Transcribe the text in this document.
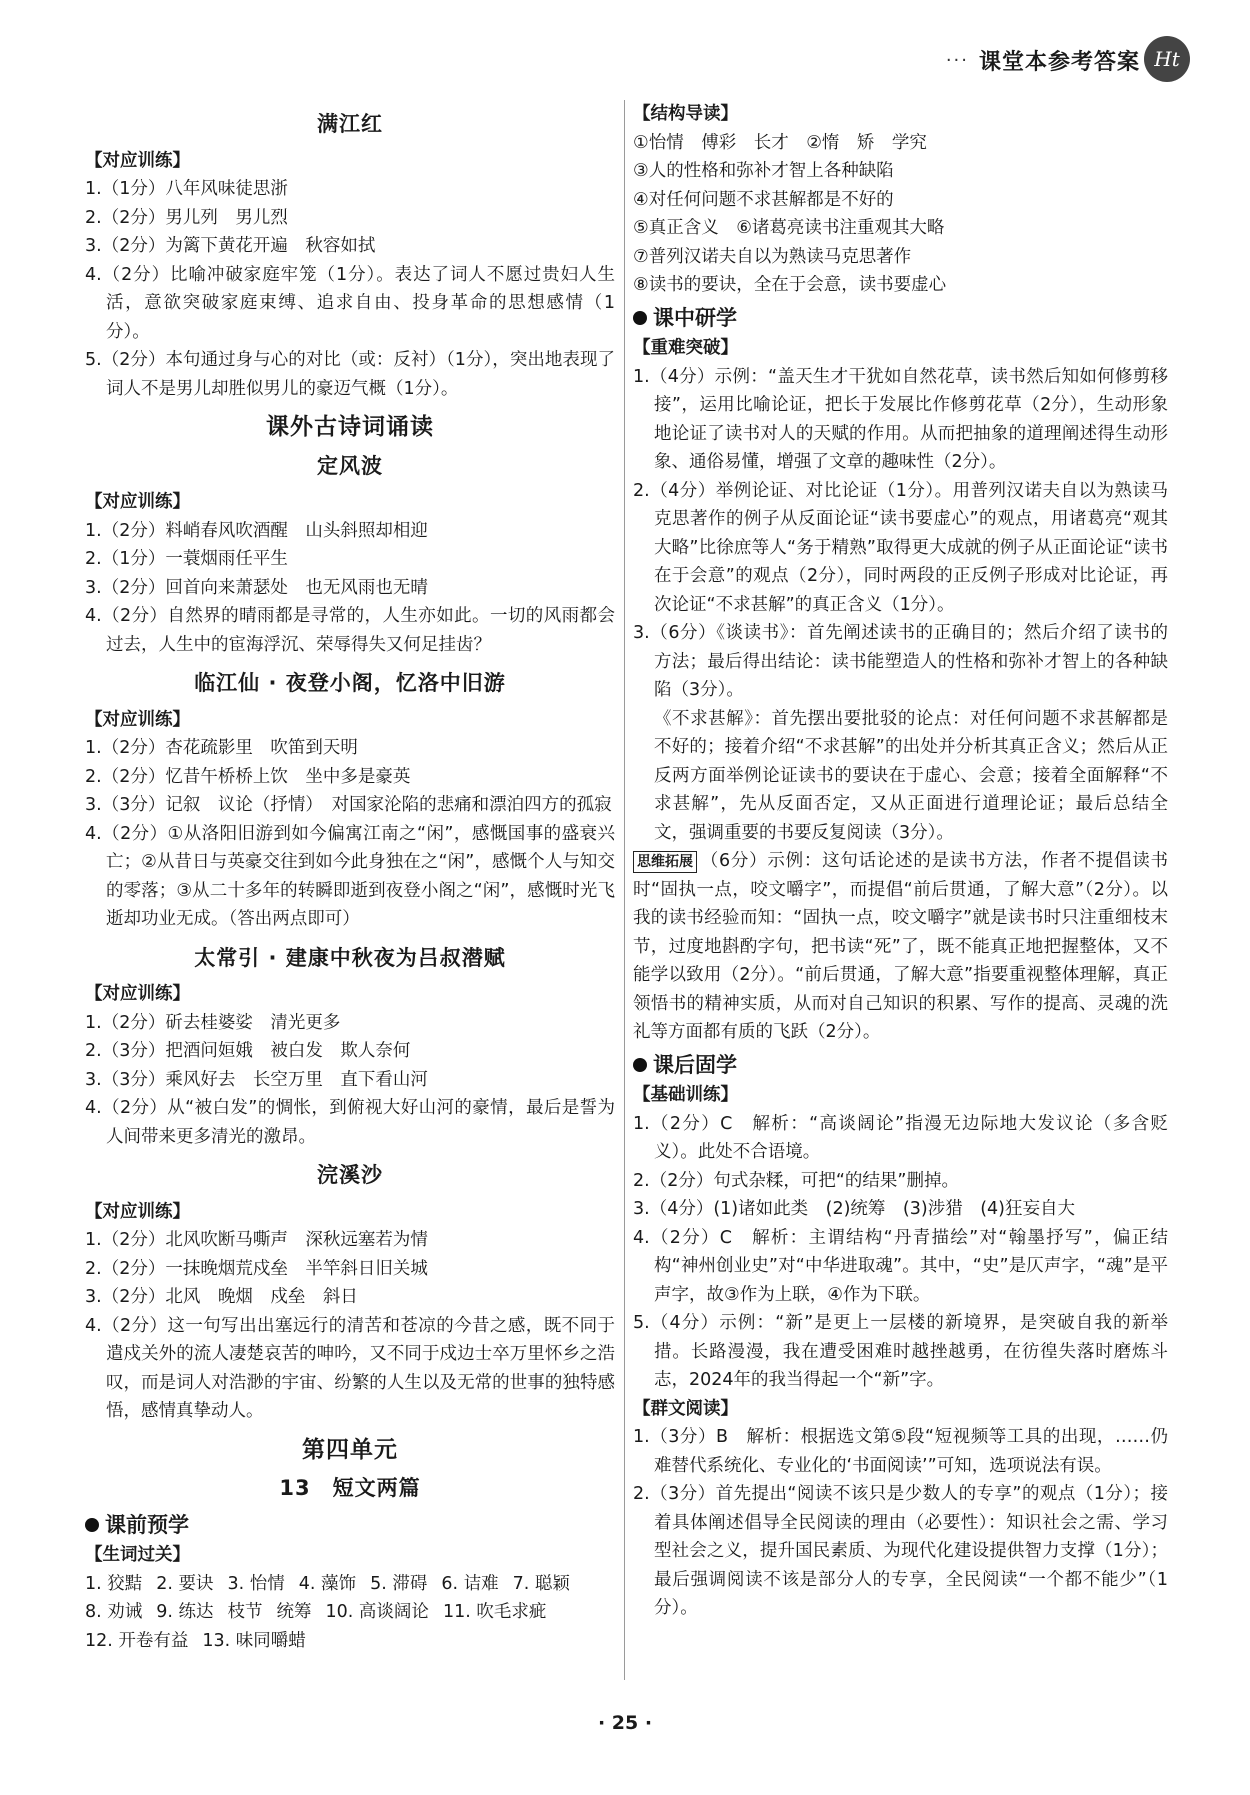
··· 课堂本参考答案 Ht
满江红
【对应训练】
1.（1分）八年风味徒思浙
2.（2分）男儿列　男儿烈
3.（2分）为篱下黄花开遍　秋容如拭
4.（2分）比喻冲破家庭牢笼（1分）。表达了词人不愿过贵妇人生活，意欲突破家庭束缚、追求自由、投身革命的思想感情（1分）。
5.（2分）本句通过身与心的对比（或：反衬）（1分），突出地表现了词人不是男儿却胜似男儿的豪迈气概（1分）。
课外古诗词诵读
定风波
【对应训练】
1.（2分）料峭春风吹酒醒　山头斜照却相迎
2.（1分）一蓑烟雨任平生
3.（2分）回首向来萧瑟处　也无风雨也无晴
4.（2分）自然界的晴雨都是寻常的，人生亦如此。一切的风雨都会过去，人生中的宦海浮沉、荣辱得失又何足挂齿？
临江仙 · 夜登小阁，忆洛中旧游
【对应训练】
1.（2分）杏花疏影里　吹笛到天明
2.（2分）忆昔午桥桥上饮　坐中多是豪英
3.（3分）记叙　议论（抒情）　对国家沦陷的悲痛和漂泊四方的孤寂
4.（2分）①从洛阳旧游到如今偏寓江南之“闲”，感慨国事的盛衰兴亡；②从昔日与英豪交往到如今此身独在之“闲”，感慨个人与知交的零落；③从二十多年的转瞬即逝到夜登小阁之“闲”，感慨时光飞逝却功业无成。（答出两点即可）
太常引 · 建康中秋夜为吕叔潜赋
【对应训练】
1.（2分）斫去桂婆娑　清光更多
2.（3分）把酒问姮娥　被白发　欺人奈何
3.（3分）乘风好去　长空万里　直下看山河
4.（2分）从“被白发”的惆怅，到俯视大好山河的豪情，最后是誓为人间带来更多清光的激昂。
浣溪沙
【对应训练】
1.（2分）北风吹断马嘶声　深秋远塞若为情
2.（2分）一抹晚烟荒戍垒　半竿斜日旧关城
3.（2分）北风　晚烟　戍垒　斜日
4.（2分）这一句写出出塞远行的清苦和苍凉的今昔之感，既不同于遣戍关外的流人凄楚哀苦的呻吟，又不同于戍边士卒万里怀乡之浩叹，而是词人对浩渺的宇宙、纷繁的人生以及无常的世事的独特感悟，感情真挚动人。
第四单元
13　短文两篇
课前预学
【生词过关】
1. 狡黠 2. 要诀 3. 怡情 4. 藻饰 5. 滞碍 6. 诘难 7. 聪颖
8. 劝诫 9. 练达 枝节 统筹 10. 高谈阔论 11. 吹毛求疵
12. 开卷有益 13. 味同嚼蜡
【结构导读】
①怡情　傅彩　长才　②惰　矫　学究
③人的性格和弥补才智上各种缺陷
④对任何问题不求甚解都是不好的
⑤真正含义　⑥诸葛亮读书注重观其大略
⑦普列汉诺夫自以为熟读马克思著作
⑧读书的要诀，全在于会意，读书要虚心
课中研学
【重难突破】
1.（4分）示例：“盖天生才干犹如自然花草，读书然后知如何修剪移接”，运用比喻论证，把长于发展比作修剪花草（2分），生动形象地论证了读书对人的天赋的作用。从而把抽象的道理阐述得生动形象、通俗易懂，增强了文章的趣味性（2分）。
2.（4分）举例论证、对比论证（1分）。用普列汉诺夫自以为熟读马克思著作的例子从反面论证“读书要虚心”的观点，用诸葛亮“观其大略”比徐庶等人“务于精熟”取得更大成就的例子从正面论证“读书在于会意”的观点（2分），同时两段的正反例子形成对比论证，再次论证“不求甚解”的真正含义（1分）。
3.（6分）《谈读书》：首先阐述读书的正确目的；然后介绍了读书的方法；最后得出结论：读书能塑造人的性格和弥补才智上的各种缺陷（3分）。
《不求甚解》：首先摆出要批驳的论点：对任何问题不求甚解都是不好的；接着介绍“不求甚解”的出处并分析其真正含义；然后从正反两方面举例论证读书的要诀在于虚心、会意；接着全面解释“不求甚解”，先从反面否定，又从正面进行道理论证；最后总结全文，强调重要的书要反复阅读（3分）。
思维拓展 （6分）示例：这句话论述的是读书方法，作者不提倡读书时“固执一点，咬文嚼字”，而提倡“前后贯通，了解大意”（2分）。以我的读书经验而知：“固执一点，咬文嚼字”就是读书时只注重细枝末节，过度地斟酌字句，把书读“死”了，既不能真正地把握整体，又不能学以致用（2分）。“前后贯通，了解大意”指要重视整体理解，真正领悟书的精神实质，从而对自己知识的积累、写作的提高、灵魂的洗礼等方面都有质的飞跃（2分）。
课后固学
【基础训练】
1.（2分）C　解析：“高谈阔论”指漫无边际地大发议论（多含贬义）。此处不合语境。
2.（2分）句式杂糅，可把“的结果”删掉。
3.（4分）(1)诸如此类　(2)统筹　(3)涉猎　(4)狂妄自大
4.（2分）C　解析：主谓结构“丹青描绘”对“翰墨抒写”，偏正结构“神州创业史”对“中华进取魂”。其中，“史”是仄声字，“魂”是平声字，故③作为上联，④作为下联。
5.（4分）示例：“新”是更上一层楼的新境界，是突破自我的新举措。长路漫漫，我在遭受困难时越挫越勇，在彷徨失落时磨炼斗志，2024年的我当得起一个“新”字。
【群文阅读】
1.（3分）B　解析：根据选文第⑤段“短视频等工具的出现，……仍难替代系统化、专业化的‘书面阅读’”可知，选项说法有误。
2.（3分）首先提出“阅读不该只是少数人的专享”的观点（1分）；接着具体阐述倡导全民阅读的理由（必要性）：知识社会之需、学习型社会之义，提升国民素质、为现代化建设提供智力支撑（1分）；最后强调阅读不该是部分人的专享，全民阅读“一个都不能少”（1分）。
· 25 ·
